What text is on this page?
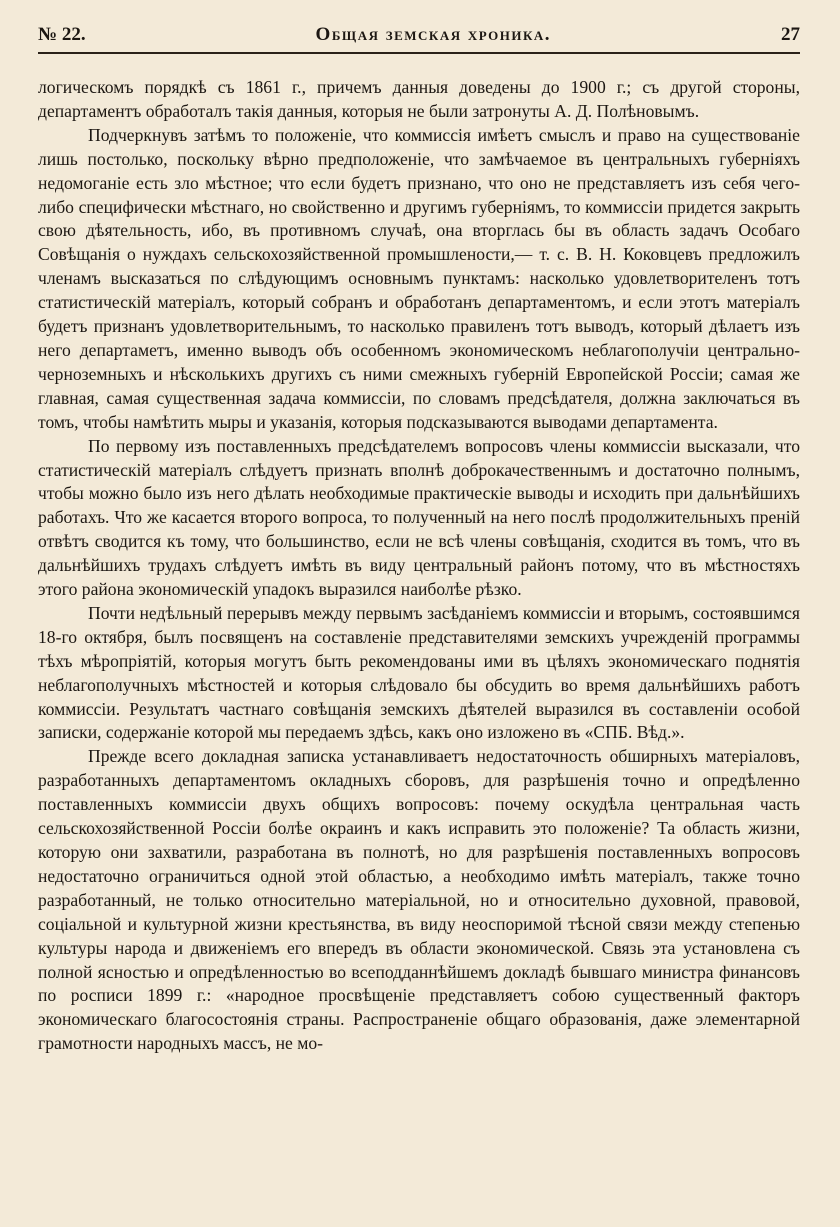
№ 22.	Общая земская хроника.	27

логическомъ порядкѣ съ 1861 г., причемъ данныя доведены до 1900 г.; съ другой стороны, департаментъ обработалъ такія данныя, которыя не были затронуты А. Д. Полѣновымъ.

Подчеркнувъ затѣмъ то положеніе, что коммиссія имѣетъ смыслъ и право на существованіе лишь постолько, поскольку вѣрно предположеніе, что замѣчаемое въ центральныхъ губерніяхъ недомоганіе есть зло мѣстное; что если будетъ признано, что оно не представляетъ изъ себя чего-либо специфически мѣстнаго, но свойственно и другимъ губерніямъ, то коммиссіи придется закрыть свою дѣятельность, ибо, въ противномъ случаѣ, она вторглась бы въ область задачъ Особаго Совѣщанія о нуждахъ сельскохозяйственной промышлености,— т. с. В. Н. Коковцевъ предложилъ членамъ высказаться по слѣдующимъ основнымъ пунктамъ: насколько удовлетворителенъ тотъ статистическій матеріалъ, который собранъ и обработанъ департаментомъ, и если этотъ матеріалъ будетъ признанъ удовлетворительнымъ, то насколько правиленъ тотъ выводъ, который дѣлаетъ изъ него департаметъ, именно выводъ объ особенномъ экономическомъ неблагополучіи центрально-черноземныхъ и нѣсколькихъ другихъ съ ними смежныхъ губерній Европейской Россіи; самая же главная, самая существенная задача коммиссіи, по словамъ предсѣдателя, должна заключаться въ томъ, чтобы намѣтить мыры и указанія, которыя подсказываются выводами департамента.

По первому изъ поставленныхъ предсѣдателемъ вопросовъ члены коммиссіи высказали, что статистическій матеріалъ слѣдуетъ признать вполнѣ доброкачественнымъ и достаточно полнымъ, чтобы можно было изъ него дѣлать необходимые практическіе выводы и исходить при дальнѣйшихъ работахъ. Что же касается второго вопроса, то полученный на него послѣ продолжительныхъ преній отвѣтъ сводится къ тому, что большинство, если не всѣ члены совѣщанія, сходится въ томъ, что въ дальнѣйшихъ трудахъ слѣдуетъ имѣть въ виду центральный районъ потому, что въ мѣстностяхъ этого района экономическій упадокъ выразился наиболѣе рѣзко.

Почти недѣльный перерывъ между первымъ засѣданіемъ коммиссіи и вторымъ, состоявшимся 18-го октября, былъ посвященъ на составленіе представителями земскихъ учрежденій программы тѣхъ мѣропріятій, которыя могутъ быть рекомендованы ими въ цѣляхъ экономическаго поднятія неблагополучныхъ мѣстностей и которыя слѣдовало бы обсудить во время дальнѣйшихъ работъ коммиссіи. Результатъ частнаго совѣщанія земскихъ дѣятелей выразился въ составленіи особой записки, содержаніе которой мы передаемъ здѣсь, какъ оно изложено въ «СПБ. Вѣд.».

Прежде всего докладная записка устанавливаетъ недостаточность обширныхъ матеріаловъ, разработанныхъ департаментомъ окладныхъ сборовъ, для разрѣшенія точно и опредѣленно поставленныхъ коммиссіи двухъ общихъ вопросовъ: почему оскудѣла центральная часть сельскохозяйственной Россіи болѣе окраинъ и какъ исправить это положеніе? Та область жизни, которую они захватили, разработана въ полнотѣ, но для разрѣшенія поставленныхъ вопросовъ недостаточно ограничиться одной этой областью, а необходимо имѣть матеріалъ, также точно разработанный, не только относительно матеріальной, но и относительно духовной, правовой, соціальной и культурной жизни крестьянства, въ виду неоспоримой тѣсной связи между степенью культуры народа и движеніемъ его впередъ въ области экономической. Связь эта установлена съ полной ясностью и опредѣленностью во всеподданнѣйшемъ докладѣ бывшаго министра финансовъ по росписи 1899 г.: «народное просвѣщеніе представляетъ собою существенный факторъ экономическаго благосостоянія страны. Распространеніе общаго образованія, даже элементарной грамотности народныхъ массъ, не мо-
